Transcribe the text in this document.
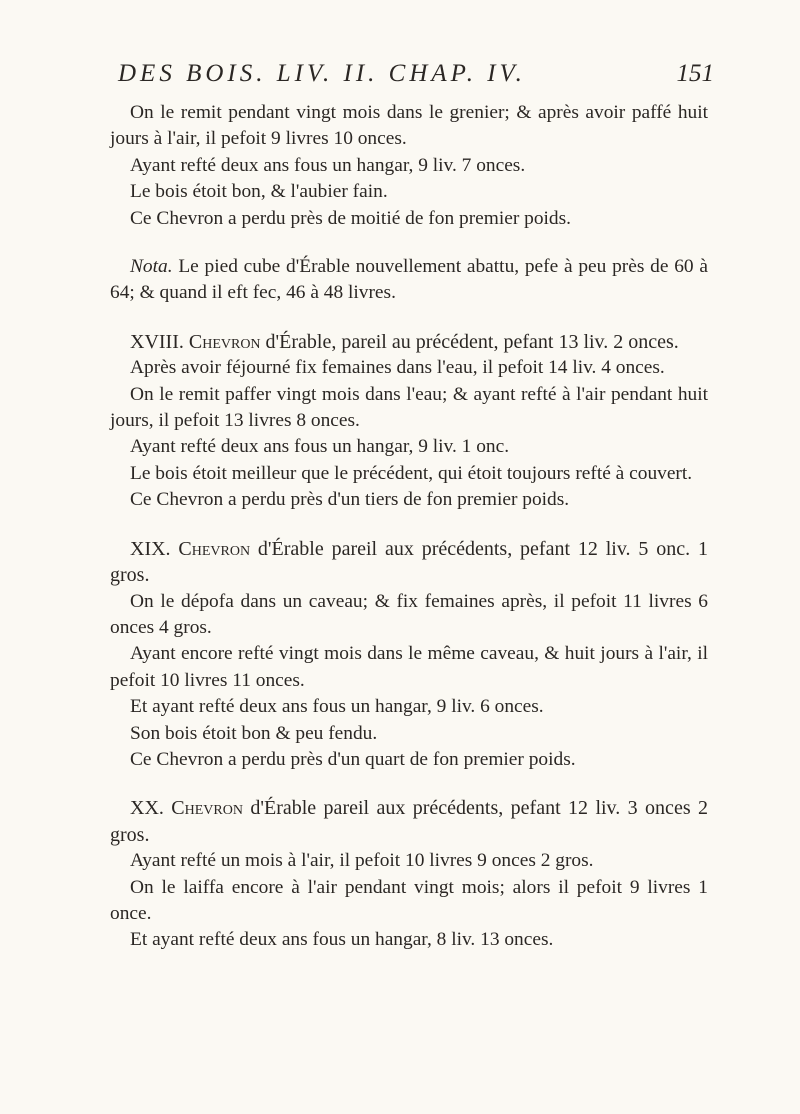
DES BOIS. LIV. II. CHAP. IV.	151

On le remit pendant vingt mois dans le grenier; & après avoir paffé huit jours à l'air, il pefoit 9 livres 10 onces.

Ayant refté deux ans fous un hangar, 9 liv. 7 onces.

Le bois étoit bon, & l'aubier fain.

Ce Chevron a perdu près de moitié de fon premier poids.

Nota. Le pied cube d'Érable nouvellement abattu, pefe à peu près de 60 à 64; & quand il eft fec, 46 à 48 livres.

XVIII. Chevron d'Érable, pareil au précédent, pefant 13 liv. 2 onces.

Après avoir féjourné fix femaines dans l'eau, il pefoit 14 liv. 4 onces.

On le remit paffer vingt mois dans l'eau; & ayant refté à l'air pendant huit jours, il pefoit 13 livres 8 onces.

Ayant refté deux ans fous un hangar, 9 liv. 1 onc.

Le bois étoit meilleur que le précédent, qui étoit toujours refté à couvert.

Ce Chevron a perdu près d'un tiers de fon premier poids.

XIX. Chevron d'Érable pareil aux précédents, pefant 12 liv. 5 onc. 1 gros.

On le dépofa dans un caveau; & fix femaines après, il pefoit 11 livres 6 onces 4 gros.

Ayant encore refté vingt mois dans le même caveau, & huit jours à l'air, il pefoit 10 livres 11 onces.

Et ayant refté deux ans fous un hangar, 9 liv. 6 onces.

Son bois étoit bon & peu fendu.

Ce Chevron a perdu près d'un quart de fon premier poids.

XX. Chevron d'Érable pareil aux précédents, pefant 12 liv. 3 onces 2 gros.

Ayant refté un mois à l'air, il pefoit 10 livres 9 onces 2 gros.

On le laiffa encore à l'air pendant vingt mois; alors il pefoit 9 livres 1 once.

Et ayant refté deux ans fous un hangar, 8 liv. 13 onces.
